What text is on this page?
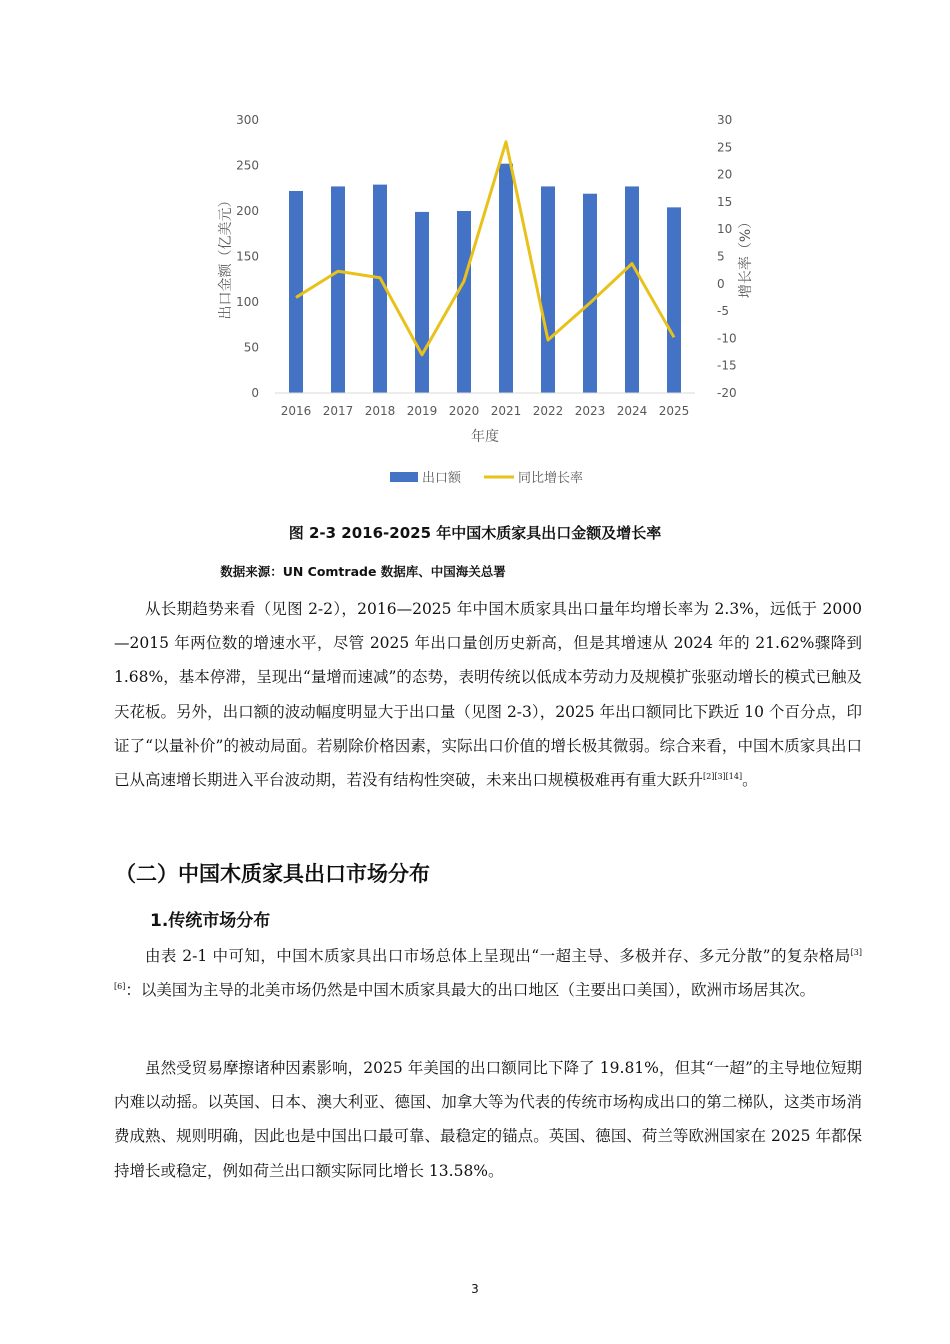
0
50
100
150
200
250
300
-20
-15
-10
-5
0
5
10
15
20
25
30
2016 2017 2018 2019 2020 2021 2022 2023 2024 2025
出口金额（亿美元）	增长率（%）
年度
出口额	同比增长率
图 2-3 2016-2025 年中国木质家具出口金额及增长率
数据来源：UN Comtrade 数据库、中国海关总署

从长期趋势来看（见图 2-2），2016—2025 年中国木质家具出口量年均增长率为 2.3%，远低于 2000—2015 年两位数的增速水平，尽管 2025 年出口量创历史新高，但是其增速从 2024 年的 21.62%骤降到 1.68%，基本停滞，呈现出“量增而速减”的态势，表明传统以低成本劳动力及规模扩张驱动增长的模式已触及天花板。另外，出口额的波动幅度明显大于出口量（见图 2-3），2025 年出口额同比下跌近 10 个百分点，印证了“以量补价”的被动局面。若剔除价格因素，实际出口价值的增长极其微弱。综合来看，中国木质家具出口已从高速增长期进入平台波动期，若没有结构性突破，未来出口规模极难再有重大跃升[2][3][14]。

（二）中国木质家具出口市场分布
1.传统市场分布

由表 2-1 中可知，中国木质家具出口市场总体上呈现出“一超主导、多极并存、多元分散”的复杂格局[3][6]：以美国为主导的北美市场仍然是中国木质家具最大的出口地区（主要出口美国），欧洲市场居其次。

虽然受贸易摩擦诸种因素影响，2025 年美国的出口额同比下降了 19.81%，但其“一超”的主导地位短期内难以动摇。以英国、日本、澳大利亚、德国、加拿大等为代表的传统市场构成出口的第二梯队，这类市场消费成熟、规则明确，因此也是中国出口最可靠、最稳定的锚点。英国、德国、荷兰等欧洲国家在 2025 年都保持增长或稳定，例如荷兰出口额实际同比增长 13.58%。

3
